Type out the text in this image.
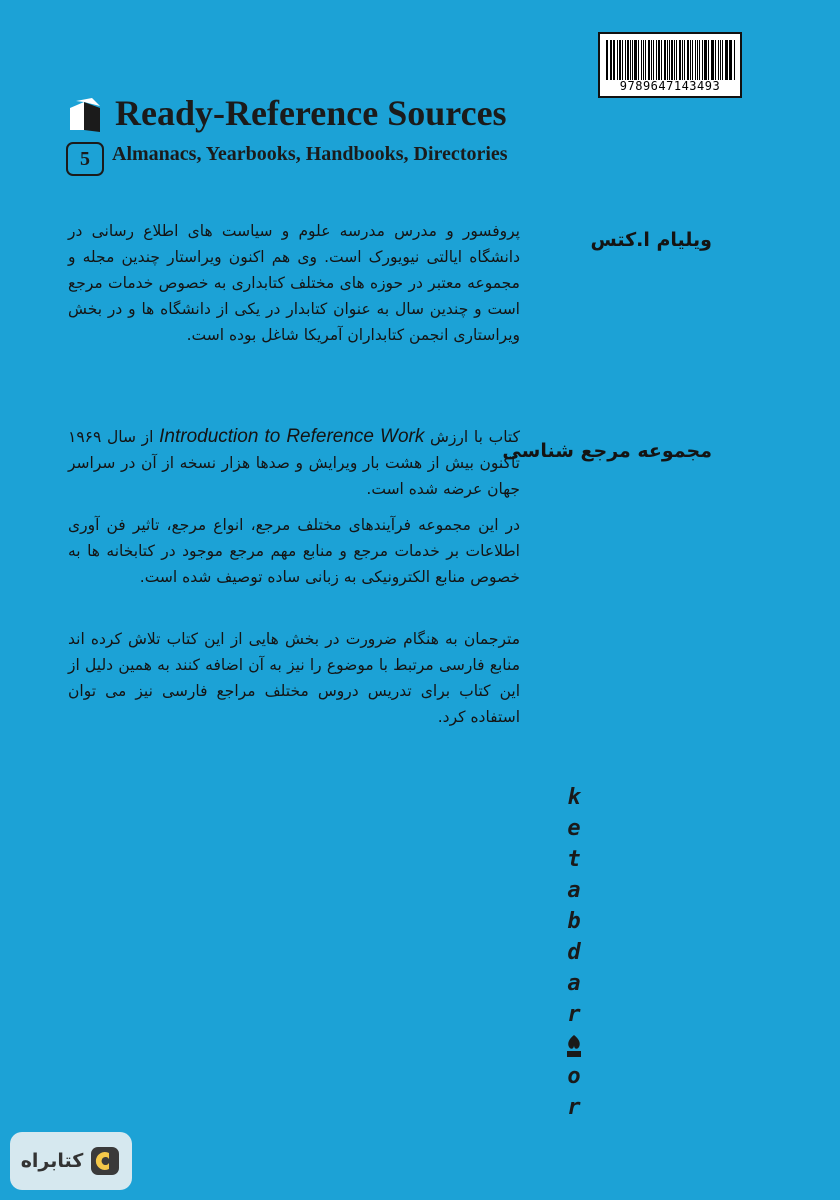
9789647143493
Ready-Reference Sources
5	Almanacs, Yearbooks, Handbooks, Directories
ویلیام ا.کتس
پروفسور و مدرس مدرسه علوم و سیاست های اطلاع رسانی در دانشگاه ایالتی نیویورک است. وی هم اکنون ویراستار چندین مجله و مجموعه معتبر در حوزه های مختلف کتابداری به خصوص خدمات مرجع است و چندین سال به عنوان کتابدار در یکی از دانشگاه ها و در بخش ویراستاری انجمن کتابداران آمریکا شاغل بوده است.
مجموعه مرجع شناسی
کتاب با ارزش Introduction to Reference Work از سال ۱۹۶۹ تاکنون بیش از هشت بار ویرایش و صدها هزار نسخه از آن در سراسر جهان عرضه شده است.
در این مجموعه فرآیندهای مختلف مرجع، انواع مرجع، تاثیر فن آوری اطلاعات بر خدمات مرجع و منابع مهم مرجع موجود در کتابخانه ها به خصوص منابع الکترونیکی به زبانی ساده توصیف شده است.
مترجمان به هنگام ضرورت در بخش هایی از این کتاب تلاش کرده اند منابع فارسی مرتبط با موضوع را نیز به آن اضافه کنند به همین دلیل از این کتاب برای تدریس دروس مختلف مراجع فارسی نیز می توان استفاده کرد.
k
e
t
a
b
d
a
r
o
r
کتابراه
